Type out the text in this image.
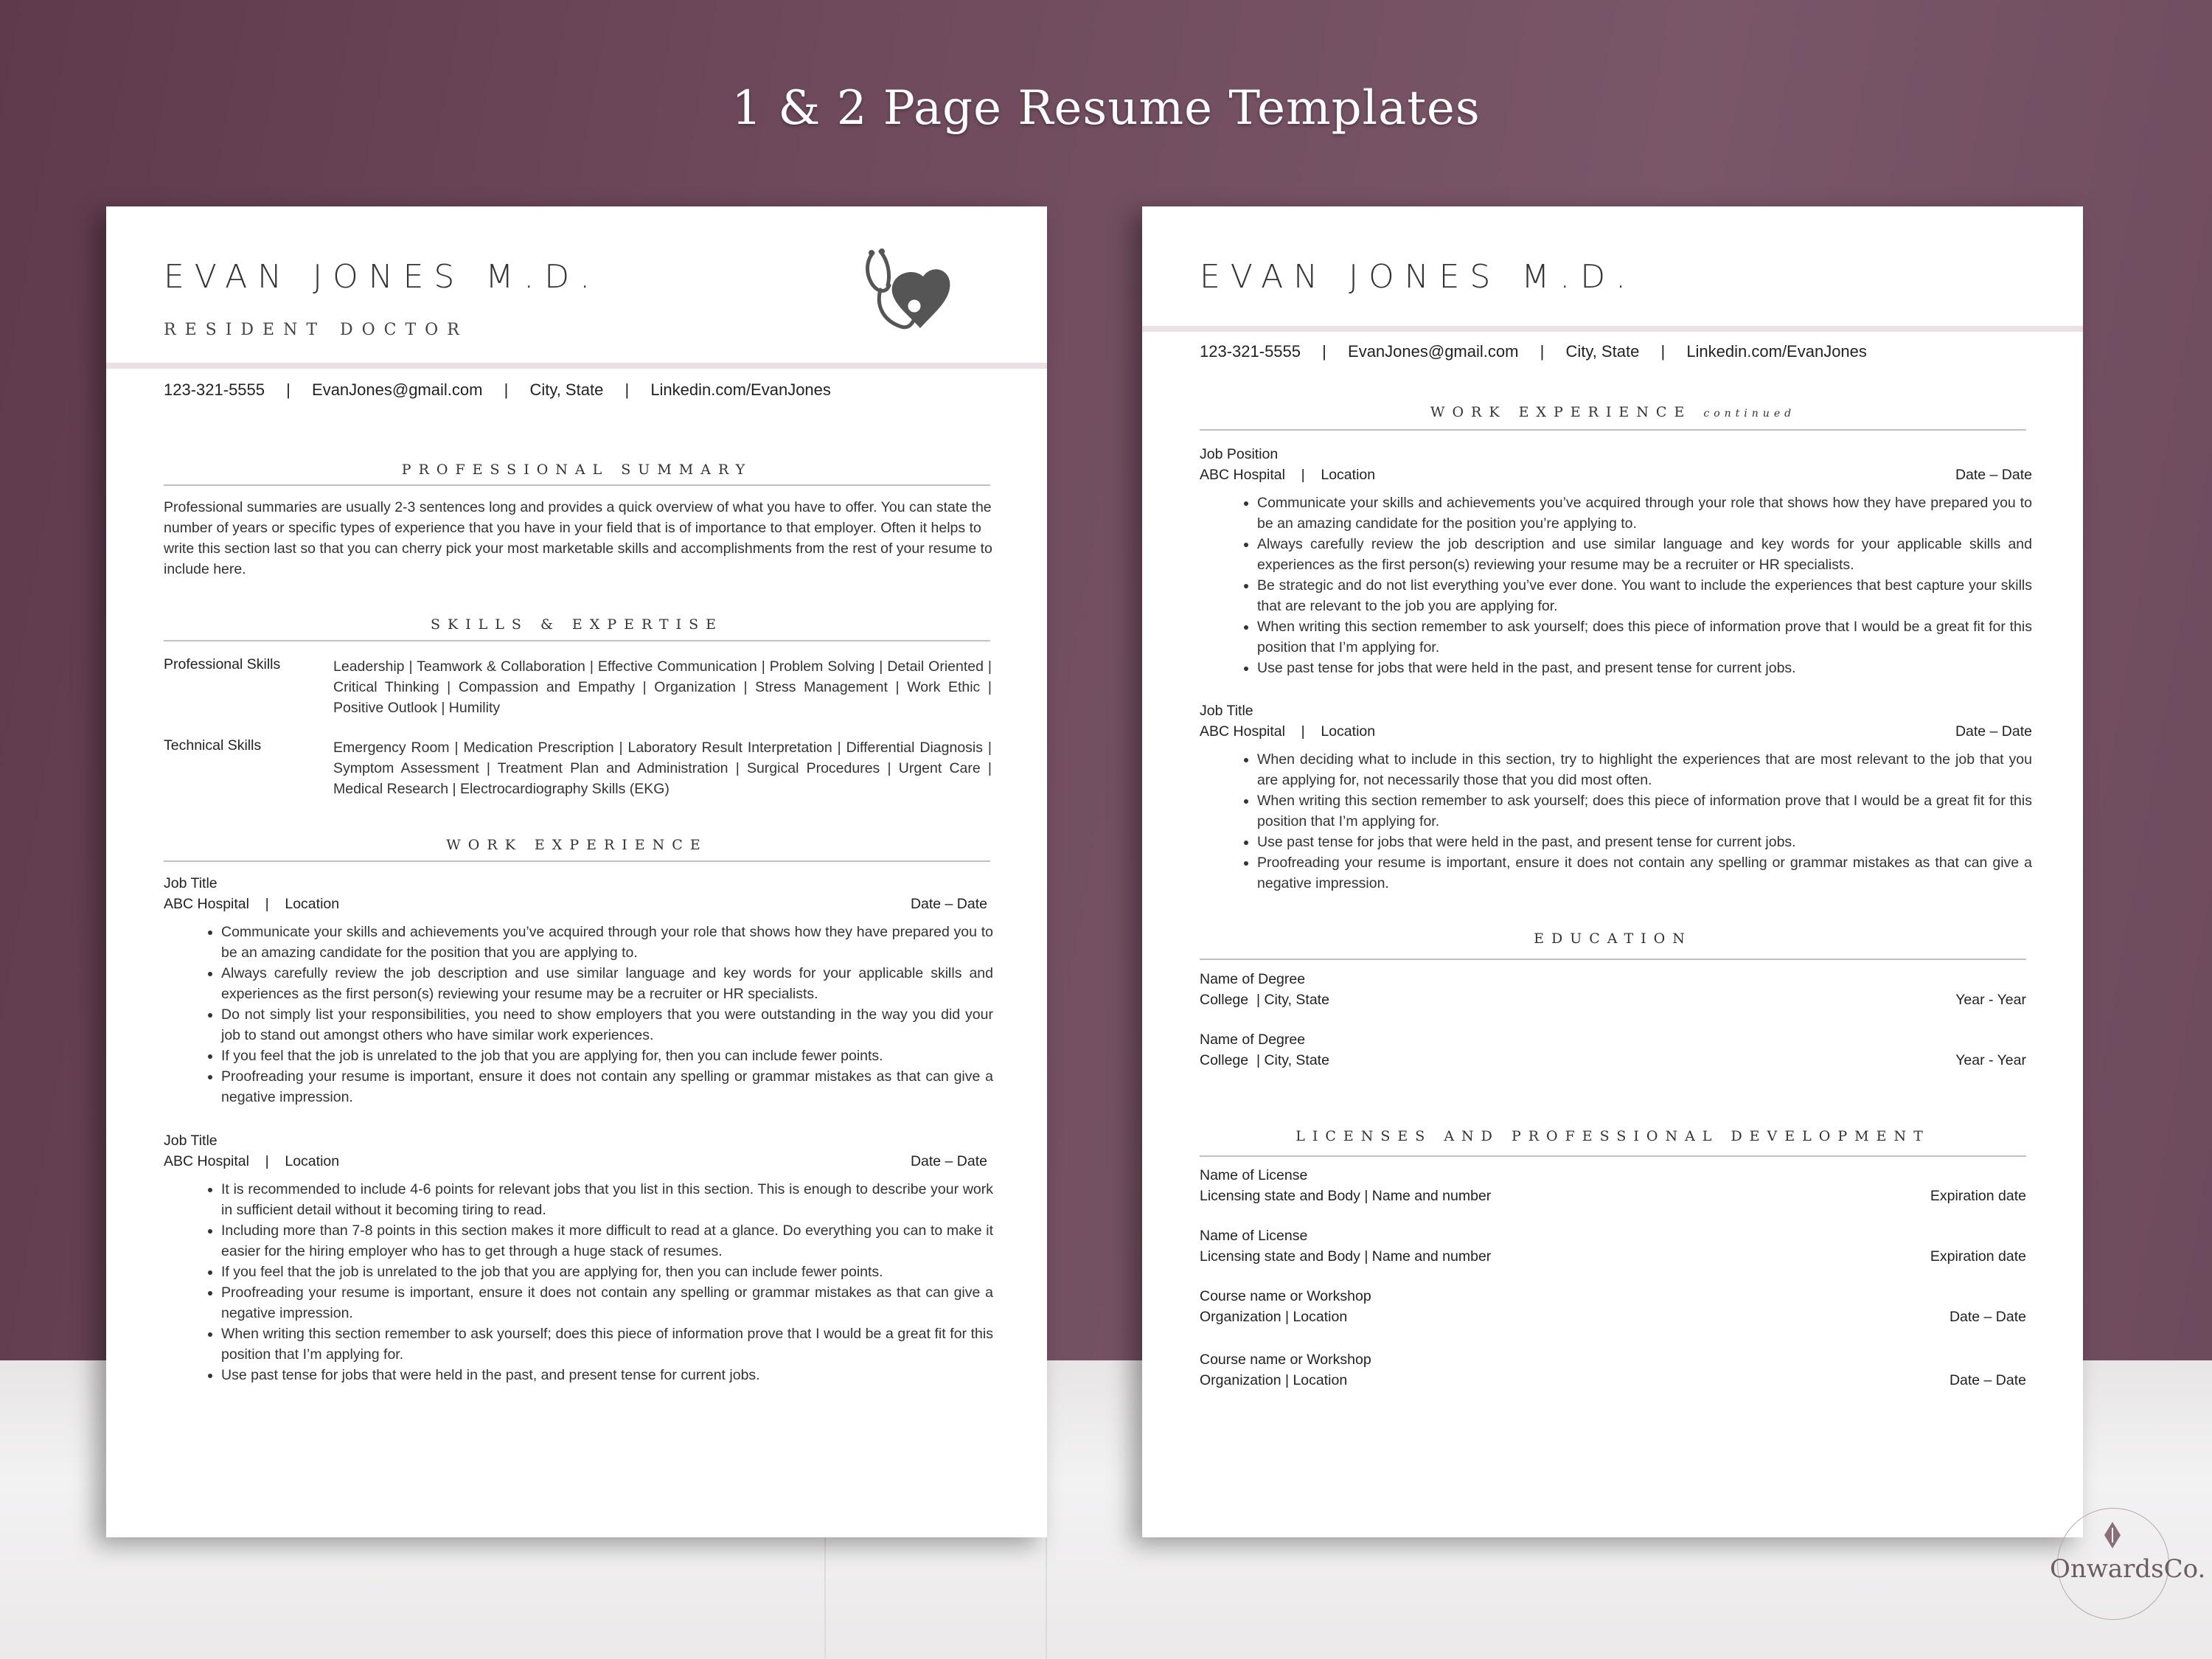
1 & 2 Page Resume Templates
EVAN JONES M.D.
RESIDENT DOCTOR
123-321-5555 | EvanJones@gmail.com | City, State | Linkedin.com/EvanJones
PROFESSIONAL SUMMARY
Professional summaries are usually 2-3 sentences long and provides a quick overview of what you have to offer. You can state the number of years or specific types of experience that you have in your field that is of importance to that employer. Often it helps to write this section last so that you can cherry pick your most marketable skills and accomplishments from the rest of your resume to include here.
SKILLS & EXPERTISE
Professional Skills	Leadership | Teamwork & Collaboration | Effective Communication | Problem Solving | Detail Oriented | Critical Thinking | Compassion and Empathy | Organization | Stress Management | Work Ethic | Positive Outlook | Humility
Technical Skills	Emergency Room | Medication Prescription | Laboratory Result Interpretation | Differential Diagnosis | Symptom Assessment | Treatment Plan and Administration | Surgical Procedures | Urgent Care | Medical Research | Electrocardiography Skills (EKG)
WORK EXPERIENCE
Job Title
ABC Hospital    |    Location	Date – Date
• Communicate your skills and achievements you’ve acquired through your role that shows how they have prepared you to be an amazing candidate for the position that you are applying to.
• Always carefully review the job description and use similar language and key words for your applicable skills and experiences as the first person(s) reviewing your resume may be a recruiter or HR specialists.
• Do not simply list your responsibilities, you need to show employers that you were outstanding in the way you did your job to stand out amongst others who have similar work experiences.
• If you feel that the job is unrelated to the job that you are applying for, then you can include fewer points.
• Proofreading your resume is important, ensure it does not contain any spelling or grammar mistakes as that can give a negative impression.
Job Title
ABC Hospital    |    Location	Date – Date
• It is recommended to include 4-6 points for relevant jobs that you list in this section. This is enough to describe your work in sufficient detail without it becoming tiring to read.
• Including more than 7-8 points in this section makes it more difficult to read at a glance. Do everything you can to make it easier for the hiring employer who has to get through a huge stack of resumes.
• If you feel that the job is unrelated to the job that you are applying for, then you can include fewer points.
• Proofreading your resume is important, ensure it does not contain any spelling or grammar mistakes as that can give a negative impression.
• When writing this section remember to ask yourself; does this piece of information prove that I would be a great fit for this position that I’m applying for.
• Use past tense for jobs that were held in the past, and present tense for current jobs.
EVAN JONES M.D.
123-321-5555 | EvanJones@gmail.com | City, State | Linkedin.com/EvanJones
WORK EXPERIENCE continued
Job Position
ABC Hospital    |    Location	Date – Date
• Communicate your skills and achievements you’ve acquired through your role that shows how they have prepared you to be an amazing candidate for the position you’re applying to.
• Always carefully review the job description and use similar language and key words for your applicable skills and experiences as the first person(s) reviewing your resume may be a recruiter or HR specialists.
• Be strategic and do not list everything you’ve ever done. You want to include the experiences that best capture your skills that are relevant to the job you are applying for.
• When writing this section remember to ask yourself; does this piece of information prove that I would be a great fit for this position that I’m applying for.
• Use past tense for jobs that were held in the past, and present tense for current jobs.
Job Title
ABC Hospital    |    Location	Date – Date
• When deciding what to include in this section, try to highlight the experiences that are most relevant to the job that you are applying for, not necessarily those that you did most often.
• When writing this section remember to ask yourself; does this piece of information prove that I would be a great fit for this position that I’m applying for.
• Use past tense for jobs that were held in the past, and present tense for current jobs.
• Proofreading your resume is important, ensure it does not contain any spelling or grammar mistakes as that can give a negative impression.
EDUCATION
Name of Degree
College  | City, State	Year - Year
Name of Degree
College  | City, State	Year - Year
LICENSES AND PROFESSIONAL DEVELOPMENT
Name of License
Licensing state and Body | Name and number	Expiration date
Name of License
Licensing state and Body | Name and number	Expiration date
Course name or Workshop
Organization | Location	Date – Date
Course name or Workshop
Organization | Location	Date – Date
OnwardsCo.
